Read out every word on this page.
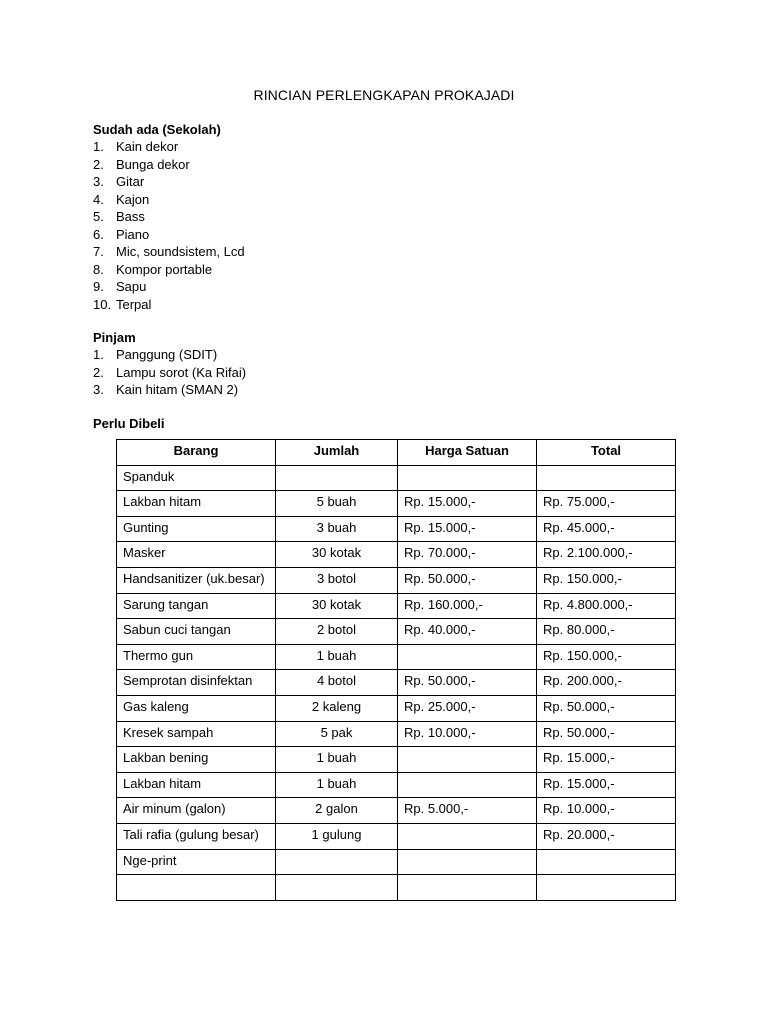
RINCIAN PERLENGKAPAN PROKAJADI
Sudah ada (Sekolah)
1. Kain dekor
2. Bunga dekor
3. Gitar
4. Kajon
5. Bass
6. Piano
7. Mic, soundsistem, Lcd
8. Kompor portable
9. Sapu
10. Terpal
Pinjam
1. Panggung (SDIT)
2. Lampu sorot (Ka Rifai)
3. Kain hitam (SMAN 2)
Perlu Dibeli
Barang	Jumlah	Harga Satuan	Total
Spanduk			
Lakban hitam	5 buah	Rp. 15.000,-	Rp. 75.000,-
Gunting	3 buah	Rp. 15.000,-	Rp. 45.000,-
Masker	30 kotak	Rp. 70.000,-	Rp. 2.100.000,-
Handsanitizer (uk.besar)	3 botol	Rp. 50.000,-	Rp. 150.000,-
Sarung tangan	30 kotak	Rp. 160.000,-	Rp. 4.800.000,-
Sabun cuci tangan	2 botol	Rp. 40.000,-	Rp. 80.000,-
Thermo gun	1 buah		Rp. 150.000,-
Semprotan disinfektan	4 botol	Rp. 50.000,-	Rp. 200.000,-
Gas kaleng	2 kaleng	Rp. 25.000,-	Rp. 50.000,-
Kresek sampah	5 pak	Rp. 10.000,-	Rp. 50.000,-
Lakban bening	1 buah		Rp. 15.000,-
Lakban hitam	1 buah		Rp. 15.000,-
Air minum (galon)	2 galon	Rp. 5.000,-	Rp. 10.000,-
Tali rafia (gulung besar)	1 gulung		Rp. 20.000,-
Nge-print			
